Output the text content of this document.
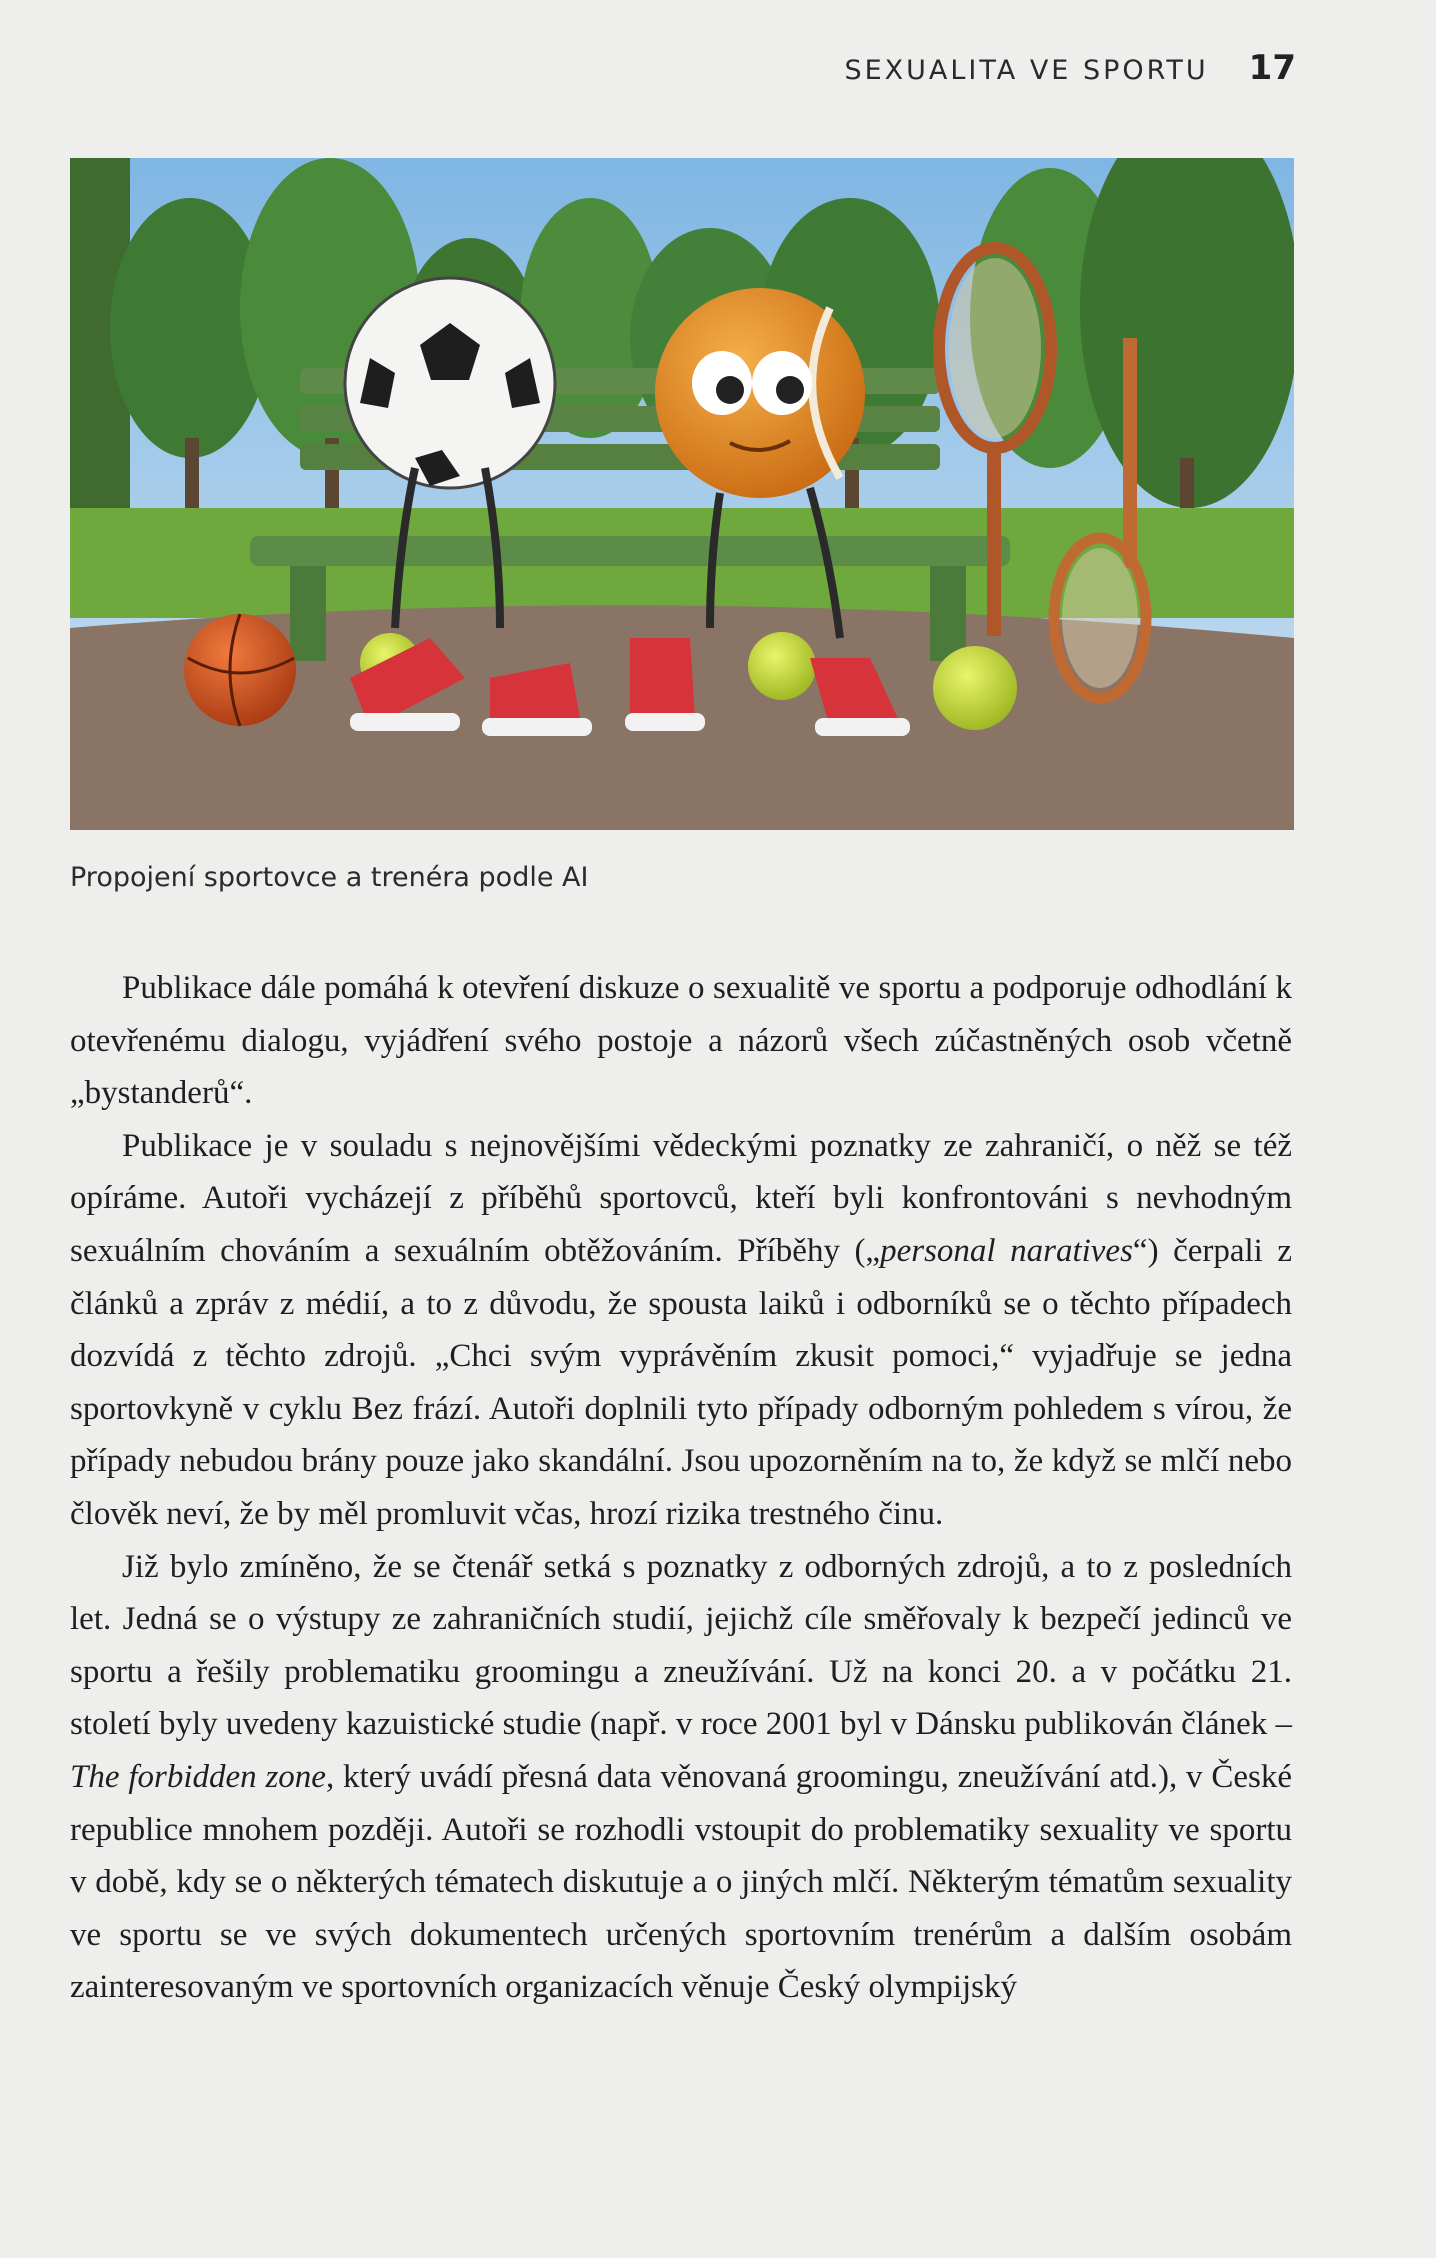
SEXUALITA VE SPORTU 17
Propojení sportovce a trenéra podle AI

Publikace dále pomáhá k otevření diskuze o sexualitě ve sportu a podporuje odhodlání k otevřenému dialogu, vyjádření svého postoje a názorů všech zúčastněných osob včetně „bystanderů“.

Publikace je v souladu s nejnovějšími vědeckými poznatky ze zahraničí, o něž se též opíráme. Autoři vycházejí z příběhů sportovců, kteří byli konfrontováni s nevhodným sexuálním chováním a sexuálním obtěžováním. Příběhy („personal naratives“) čerpali z článků a zpráv z médií, a to z důvodu, že spousta laiků i odborníků se o těchto případech dozvídá z těchto zdrojů. „Chci svým vyprávěním zkusit pomoci,“ vyjadřuje se jedna sportovkyně v cyklu Bez frází. Autoři doplnili tyto případy odborným pohledem s vírou, že případy nebudou brány pouze jako skandální. Jsou upozorněním na to, že když se mlčí nebo člověk neví, že by měl promluvit včas, hrozí rizika trestného činu.

Již bylo zmíněno, že se čtenář setká s poznatky z odborných zdrojů, a to z posledních let. Jedná se o výstupy ze zahraničních studií, jejichž cíle směřovaly k bezpečí jedinců ve sportu a řešily problematiku groomingu a zneužívání. Už na konci 20. a v počátku 21. století byly uvedeny kazuistické studie (např. v roce 2001 byl v Dánsku publikován článek – The forbidden zone, který uvádí přesná data věnovaná groomingu, zneužívání atd.), v České republice mnohem později. Autoři se rozhodli vstoupit do problematiky sexuality ve sportu v době, kdy se o některých tématech diskutuje a o jiných mlčí. Některým tématům sexuality ve sportu se ve svých dokumentech určených sportovním trenérům a dalším osobám zainteresovaným ve sportovních organizacích věnuje Český olympijský
